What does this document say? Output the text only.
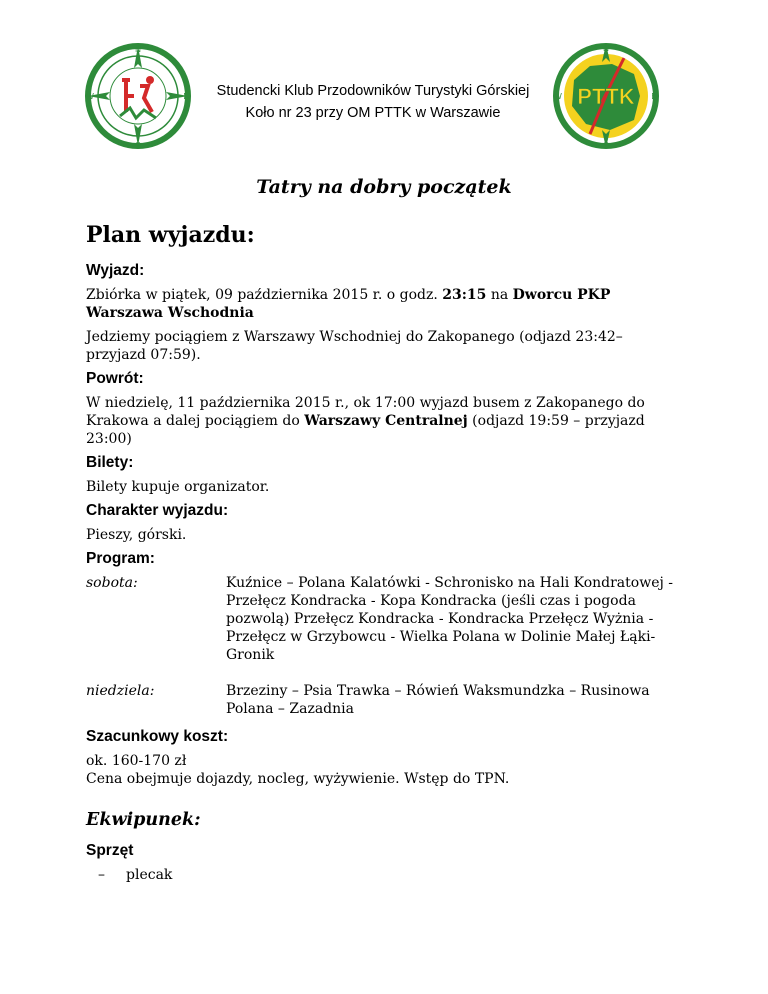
N
S
W	E	Studencki Klub Przodowników Turystyki Górskiej
Koło nr 23 przy OM PTTK w Warszawie
PTTK
N
S
W	E
Tatry na dobry początek
Plan wyjazdu:
Wyjazd:
Zbiórka w piątek, 09 października 2015 r. o godz. 23:15 na Dworcu PKP Warszawa Wschodnia
Jedziemy pociągiem z Warszawy Wschodniej do Zakopanego (odjazd 23:42– przyjazd 07:59).
Powrót:
W niedzielę, 11 października 2015 r., ok 17:00 wyjazd busem z Zakopanego do Krakowa a dalej pociągiem do Warszawy Centralnej (odjazd 19:59 – przyjazd 23:00)
Bilety:
Bilety kupuje organizator.
Charakter wyjazdu:
Pieszy, górski.
Program:
sobota:	Kuźnice – Polana Kalatówki - Schronisko na Hali Kondratowej - Przełęcz Kondracka - Kopa Kondracka (jeśli czas i pogoda pozwolą) Przełęcz Kondracka - Kondracka Przełęcz Wyżnia - Przełęcz w Grzybowcu - Wielka Polana w Dolinie Małej Łąki- Gronik
niedziela:	Brzeziny – Psia Trawka – Rówień Waksmundzka – Rusinowa Polana – Zazadnia
Szacunkowy koszt:
ok. 160-170 zł
Cena obejmuje dojazdy, nocleg, wyżywienie. Wstęp do TPN.
Ekwipunek:
Sprzęt
– plecak
